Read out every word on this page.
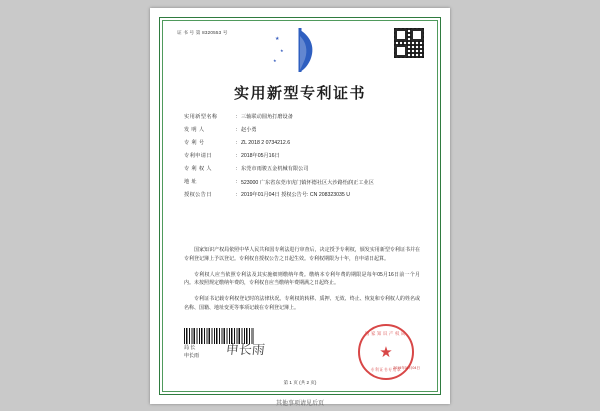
证 书 号 第 8320553 号
★
★
★
实用新型专利证书
实用新型名称	: 三轴联动圆角打磨设备
发 明 人	: 赵小勇
专 利 号	: ZL 2018 2 0734212.6
专利申请日	: 2018年05月16日
专 利 权 人	: 东莞市雨骏五金机械有限公司
地 址	: 523000 广东省东莞市虎门镇怀德社区大沙路怡润正工业区
授权公告日	: 2019年01月04日 授权公告号: CN 208323035 U

国家知识产权局依照中华人民共和国专利法进行审查后，决定授予专利权，颁发实用新型专利证书并在专利登记簿上予以登记。专利权自授权公告之日起生效。专利权期限为十年，自申请日起算。

专利权人应当依照专利法及其实施细则缴纳年费。缴纳本专利年费的期限是每年05月16日前一个月内。未按照规定缴纳年费的，专利权自应当缴纳年费期满之日起终止。

专利证书记载专利权登记时的法律状况。专利权的转移、质押、无效、终止、恢复和专利权人的姓名或名称、国籍、地址变更等事项记载在专利登记簿上。

局 长
申长雨 申长雨
国家知识产权局
★
专利证书专用章
2019年01月04日
第 1 页 (共 2 页)
其他事项请见后页
